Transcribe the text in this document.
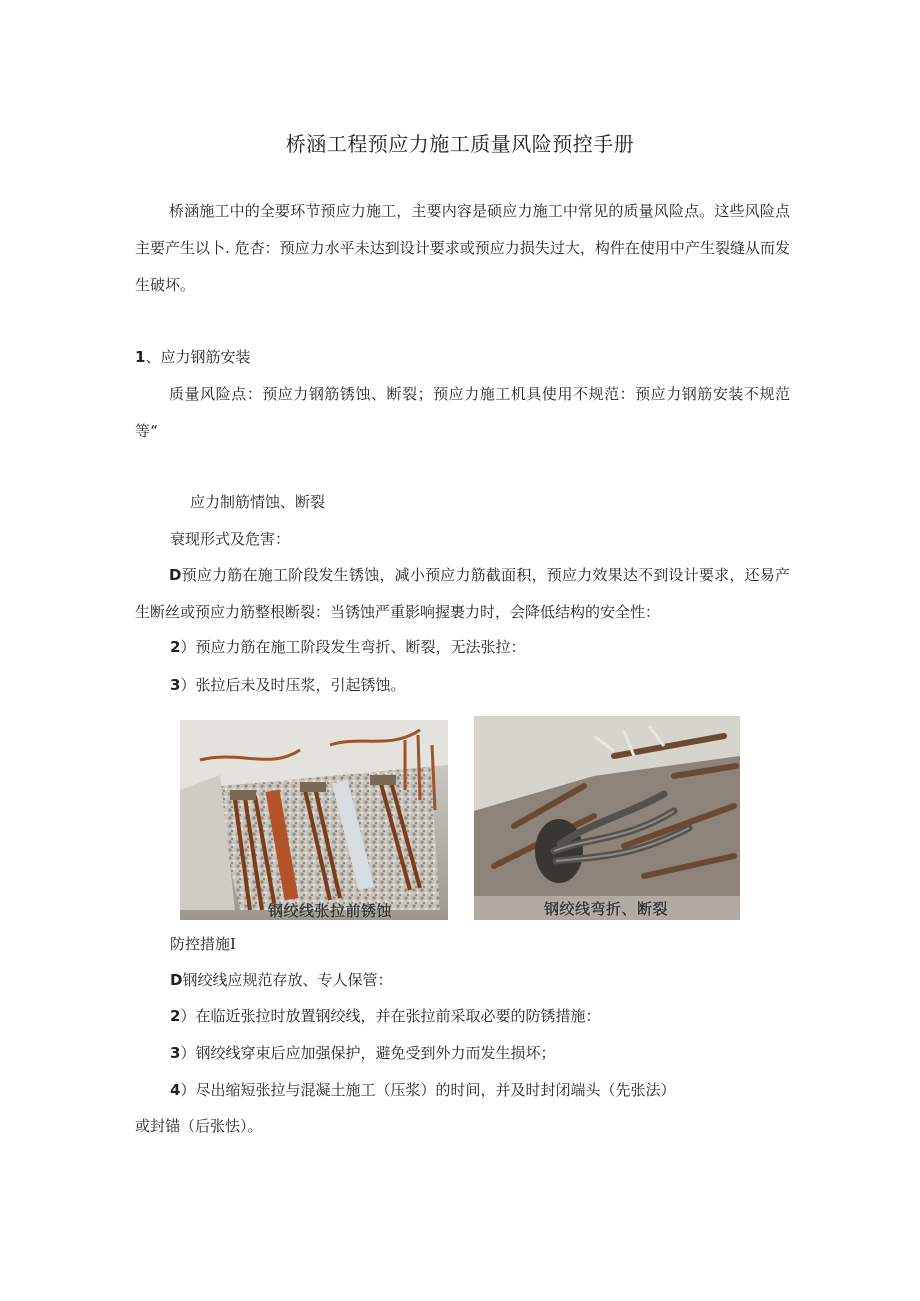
桥涵工程预应力施工质量风险预控手册

桥涵施工中的全要环节预应力施工，主要内容是硕应力施工中常见的质量风险点。这些风险点主要产生以卜. 危杏：预应力水平未达到设计要求或预应力损失过大，构件在使用中产生裂缝从而发生破坏。

1、应力钢筋安装

质量风险点：预应力钢筋锈蚀、断裂；预应力施工机具使用不规范：预应力钢筋安装不规范等“

应力制筋情蚀、断裂
衰现形式及危害：

D预应力筋在施工阶段发生锈蚀，减小预应力筋截面积，预应力效果达不到设计要求，还易产生断丝或预应力筋整根断裂：当锈蚀严重影响握裹力时，会降低结构的安全性：

2）预应力筋在施工阶段发生弯折、断裂，无法张拉：
3）张拉后未及时压浆，引起锈蚀。
钢绞线张拉前锈蚀	钢绞线弯折、断裂
防控措施I
D钢绞线应规范存放、专人保管：
2）在临近张拉时放置钢绞线，并在张拉前采取必要的防锈措施：
3）钢绞线穿束后应加强保护，避免受到外力而发生损坏；
4）尽出缩短张拉与混凝土施工（压浆）的时间，并及时封闭端头（先张法）
或封锚（后张怯）。
